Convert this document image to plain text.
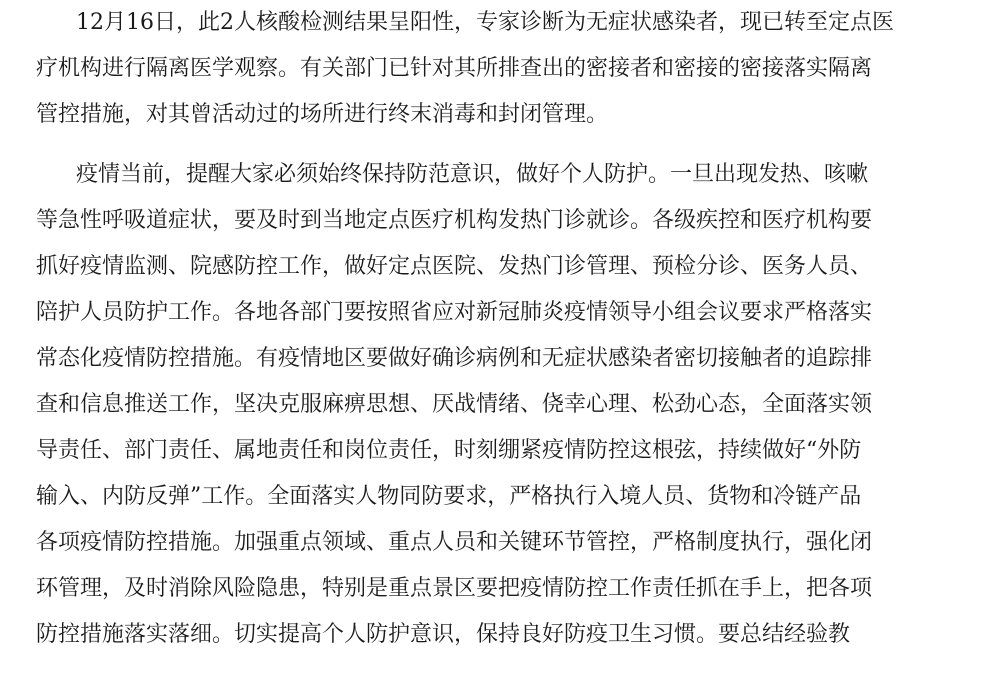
12月16日，此2人核酸检测结果呈阳性，专家诊断为无症状感染者，现已转至定点医
疗机构进行隔离医学观察。有关部门已针对其所排查出的密接者和密接的密接落实隔离
管控措施，对其曾活动过的场所进行终末消毒和封闭管理。
疫情当前，提醒大家必须始终保持防范意识，做好个人防护。一旦出现发热、咳嗽
等急性呼吸道症状，要及时到当地定点医疗机构发热门诊就诊。各级疾控和医疗机构要
抓好疫情监测、院感防控工作，做好定点医院、发热门诊管理、预检分诊、医务人员、
陪护人员防护工作。各地各部门要按照省应对新冠肺炎疫情领导小组会议要求严格落实
常态化疫情防控措施。有疫情地区要做好确诊病例和无症状感染者密切接触者的追踪排
查和信息推送工作，坚决克服麻痹思想、厌战情绪、侥幸心理、松劲心态，全面落实领
导责任、部门责任、属地责任和岗位责任，时刻绷紧疫情防控这根弦，持续做好“外防
输入、内防反弹”工作。全面落实人物同防要求，严格执行入境人员、货物和冷链产品
各项疫情防控措施。加强重点领域、重点人员和关键环节管控，严格制度执行，强化闭
环管理，及时消除风险隐患，特别是重点景区要把疫情防控工作责任抓在手上，把各项
防控措施落实落细。切实提高个人防护意识，保持良好防疫卫生习惯。要总结经验教
